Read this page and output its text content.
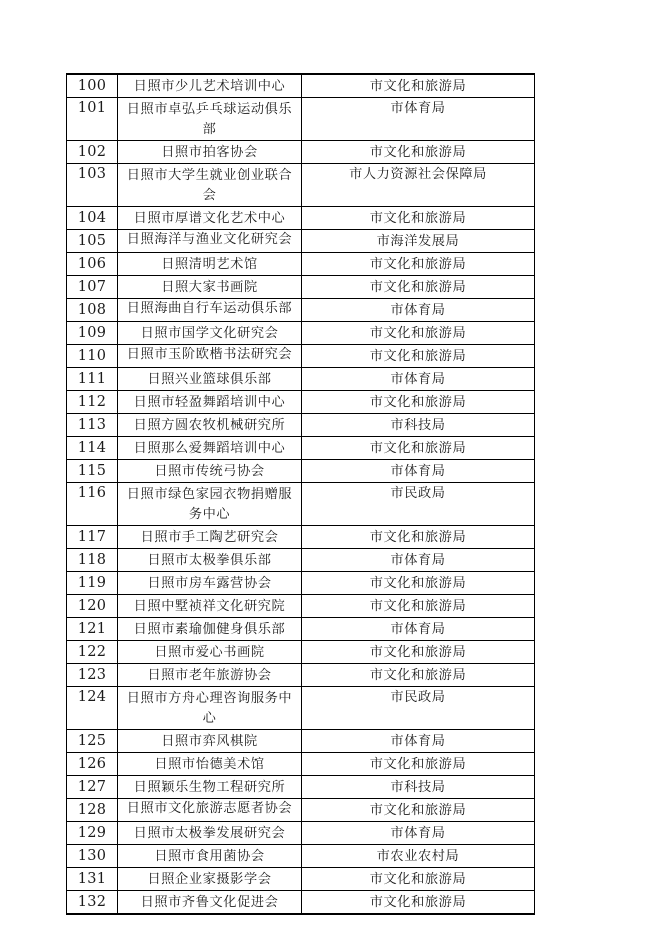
100	日照市少儿艺术培训中心	市文化和旅游局

101	日照市卓弘乒乓球运动俱乐部	市体育局

102	日照市拍客协会	市文化和旅游局

103	日照市大学生就业创业联合会	市人力资源社会保障局

104	日照市厚谱文化艺术中心	市文化和旅游局

105	日照海洋与渔业文化研究会	市海洋发展局

106	日照清明艺术馆	市文化和旅游局

107	日照大家书画院	市文化和旅游局

108	日照海曲自行车运动俱乐部	市体育局

109	日照市国学文化研究会	市文化和旅游局

110	日照市玉阶欧楷书法研究会	市文化和旅游局

111	日照兴业篮球俱乐部	市体育局

112	日照市轻盈舞蹈培训中心	市文化和旅游局

113	日照方圆农牧机械研究所	市科技局

114	日照那么爱舞蹈培训中心	市文化和旅游局

115	日照市传统弓协会	市体育局

116	日照市绿色家园衣物捐赠服务中心	市民政局

117	日照市手工陶艺研究会	市文化和旅游局

118	日照市太极拳俱乐部	市体育局

119	日照市房车露营协会	市文化和旅游局

120	日照中墅祯祥文化研究院	市文化和旅游局

121	日照市素瑜伽健身俱乐部	市体育局

122	日照市爱心书画院	市文化和旅游局

123	日照市老年旅游协会	市文化和旅游局

124	日照市方舟心理咨询服务中心	市民政局

125	日照市弈风棋院	市体育局

126	日照市怡德美术馆	市文化和旅游局

127	日照颖乐生物工程研究所	市科技局

128	日照市文化旅游志愿者协会	市文化和旅游局

129	日照市太极拳发展研究会	市体育局

130	日照市食用菌协会	市农业农村局

131	日照企业家摄影学会	市文化和旅游局

132	日照市齐鲁文化促进会	市文化和旅游局
